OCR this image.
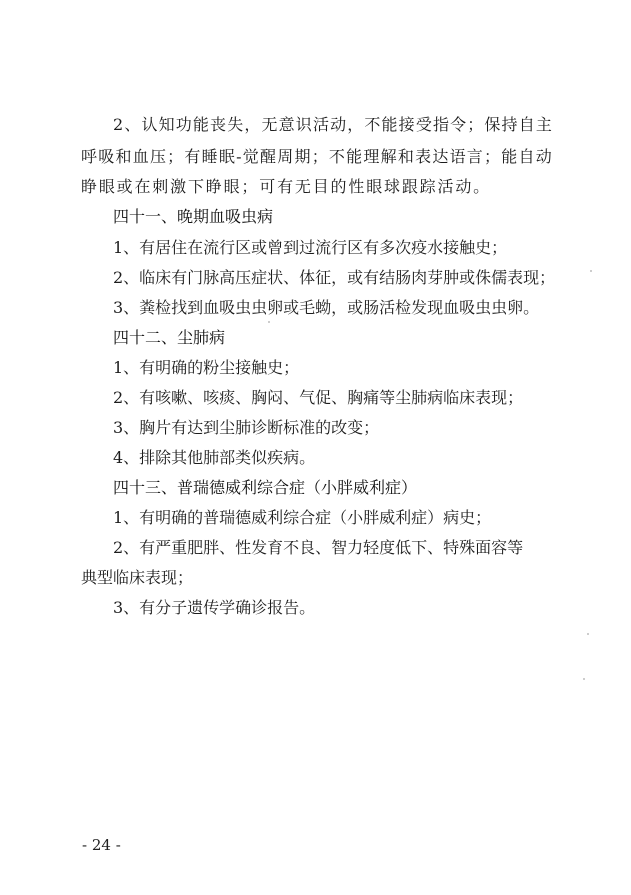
2、认知功能丧失，无意识活动，不能接受指令；保持自主
呼吸和血压；有睡眠-觉醒周期；不能理解和表达语言；能自动
睁眼或在刺激下睁眼；可有无目的性眼球跟踪活动。
四十一、晚期血吸虫病
1、有居住在流行区或曾到过流行区有多次疫水接触史；
2、临床有门脉高压症状、体征，或有结肠肉芽肿或侏儒表现；
3、粪检找到血吸虫虫卵或毛蚴，或肠活检发现血吸虫虫卵。
四十二、尘肺病
1、有明确的粉尘接触史；
2、有咳嗽、咳痰、胸闷、气促、胸痛等尘肺病临床表现；
3、胸片有达到尘肺诊断标准的改变；
4、排除其他肺部类似疾病。
四十三、普瑞德威利综合症（小胖威利症）
1、有明确的普瑞德威利综合症（小胖威利症）病史；
2、有严重肥胖、性发育不良、智力轻度低下、特殊面容等
典型临床表现；
3、有分子遗传学确诊报告。
- 24 -
